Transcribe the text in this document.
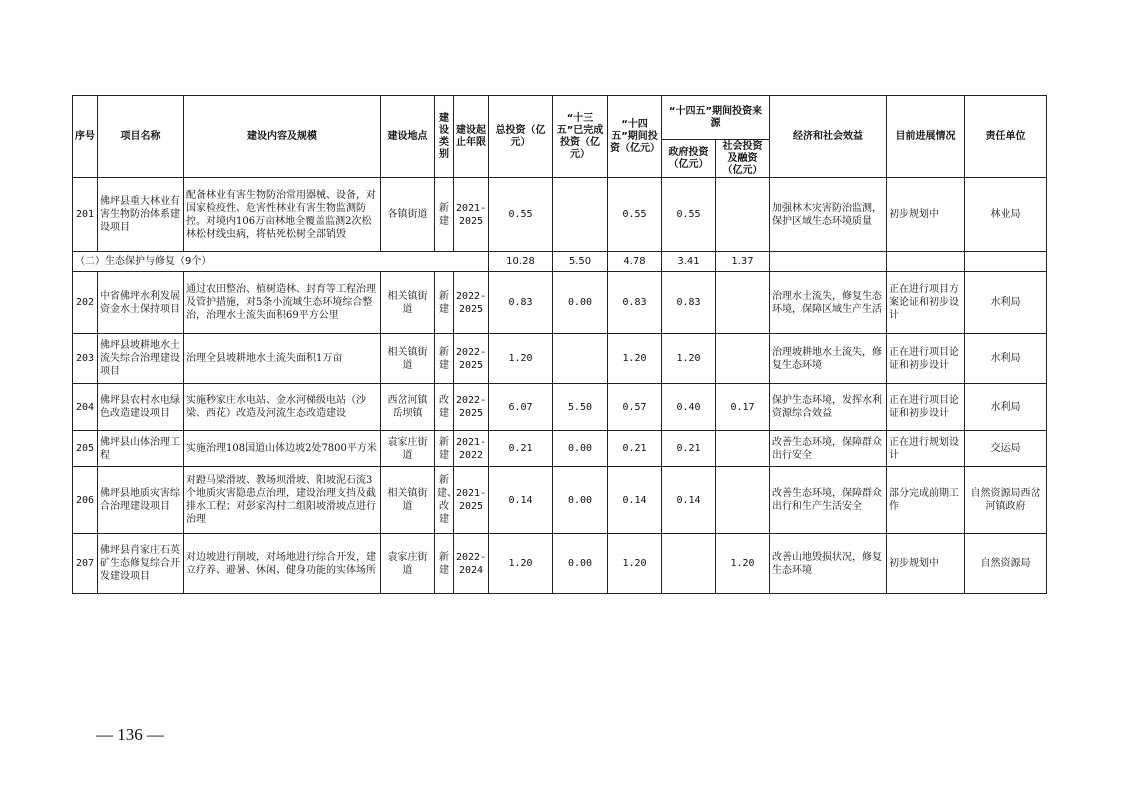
序号	项目名称	建设内容及规模	建设地点	建设类别	建设起止年限	总投资（亿元）	“十三五”已完成投资（亿元）	“十四五”期间投资（亿元）	“十四五”期间投资来源		经济和社会效益	目前进展情况	责任单位
									政府投资（亿元）	社会投资及融资（亿元）			
201	佛坪县重大林业有害生物防治体系建设项目	配备林业有害生物防治常用器械、设备，对国家检疫性、危害性林业有害生物监测防控。对境内106万亩林地全覆盖监测2次松林松材线虫病，将枯死松树全部销毁	各镇街道	新建	2021-2025	0.55		0.55	0.55		加强林木灾害防治监测，保护区域生态环境质量	初步规划中	林业局
（二）生态保护与修复（9个）						10.28	5.50	4.78	3.41	1.37			
202	中省佛坪水利发展资金水土保持项目	通过农田整治、植树造林、封育等工程治理及管护措施，对5条小流域生态环境综合整治，治理水土流失面积69平方公里	相关镇街道	新建	2022-2025	0.83	0.00	0.83	0.83		治理水土流失，修复生态环境，保障区域生产生活	正在进行项目方案论证和初步设计	水利局
203	佛坪县坡耕地水土流失综合治理建设项目	治理全县坡耕地水土流失面积1万亩	相关镇街道	新建	2022-2025	1.20		1.20	1.20		治理坡耕地水土流失，修复生态环境	正在进行项目论证和初步设计	水利局
204	佛坪县农村水电绿色改造建设项目	实施秒家庄水电站、金水河梯级电站（沙梁、西花）改造及河流生态改造建设	西岔河镇岳坝镇	改建	2022-2025	6.07	5.50	0.57	0.40	0.17	保护生态环境，发挥水利资源综合效益	正在进行项目论证和初步设计	水利局
205	佛坪县山体治理工程	实施治理108国道山体边坡2处7800平方米	袁家庄街道	新建	2021-2022	0.21	0.00	0.21	0.21		改善生态环境，保障群众出行安全	正在进行规划设计	交运局
206	佛坪县地质灾害综合治理建设项目	对蹬马梁滑坡、教场坝滑坡、阳坡泥石流3个地质灾害隐患点治理，建设治理支挡及截排水工程；对彭家沟村二组阳坡滑坡点进行治理	相关镇街道	新建、改建	2021-2025	0.14	0.00	0.14	0.14		改善生态环境，保障群众出行和生产生活安全	部分完成前期工作	自然资源局西岔河镇政府
207	佛坪县肖家庄石英矿生态修复综合开发建设项目	对边坡进行削坡，对场地进行综合开发，建立疗养、避暑、休闲、健身功能的实体场所	袁家庄街道	新建	2022-2024	1.20	0.00	1.20		1.20	改善山地毁损状况，修复生态环境	初步规划中	自然资源局
— 136 —
